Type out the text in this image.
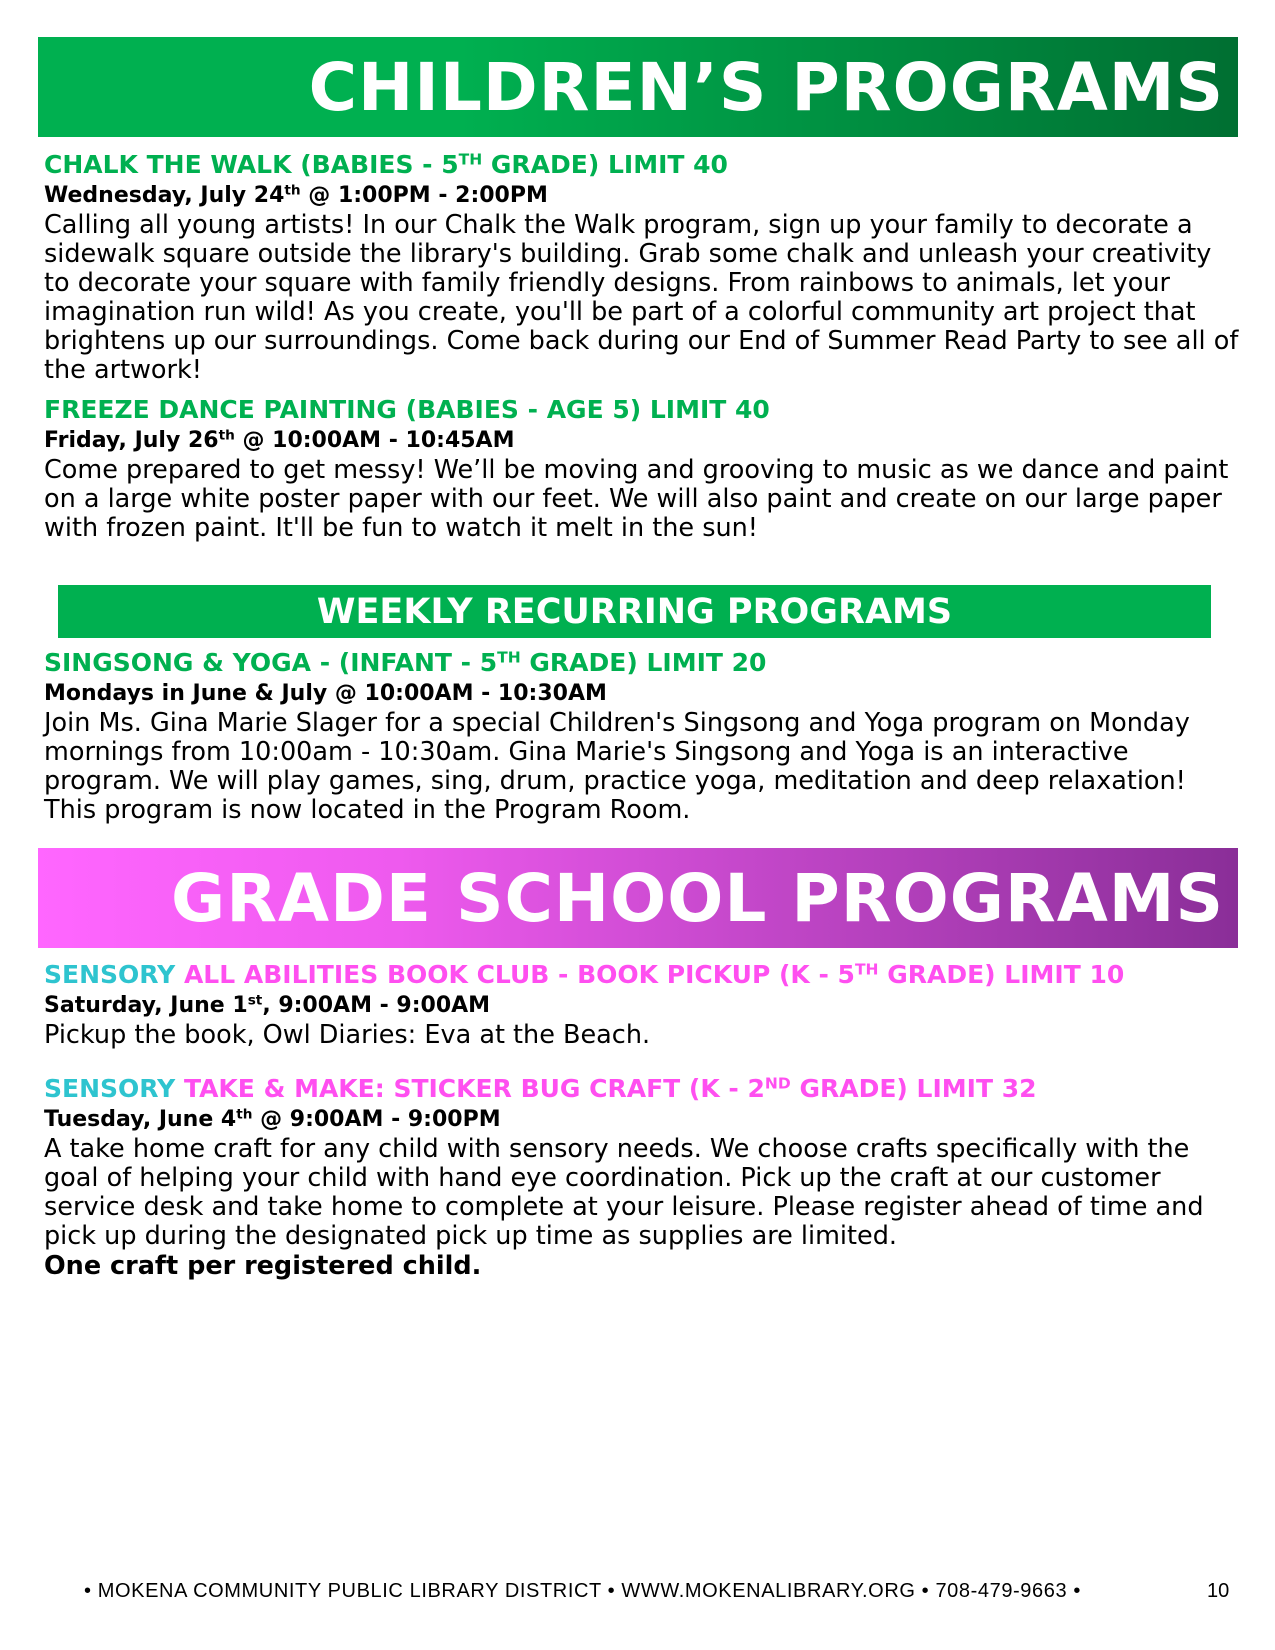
CHILDREN’S PROGRAMS
CHALK THE WALK (BABIES - 5TH GRADE) LIMIT 40
Wednesday, July 24th @ 1:00PM - 2:00PM
Calling all young artists! In our Chalk the Walk program, sign up your family to decorate a sidewalk square outside the library's building. Grab some chalk and unleash your creativity to decorate your square with family friendly designs. From rainbows to animals, let your imagination run wild! As you create, you'll be part of a colorful community art project that brightens up our surroundings. Come back during our End of Summer Read Party to see all of the artwork!
FREEZE DANCE PAINTING (BABIES - AGE 5) LIMIT 40
Friday, July 26th @ 10:00AM - 10:45AM
Come prepared to get messy! We’ll be moving and grooving to music as we dance and paint on a large white poster paper with our feet. We will also paint and create on our large paper with frozen paint. It'll be fun to watch it melt in the sun!
WEEKLY RECURRING PROGRAMS
SINGSONG & YOGA - (INFANT - 5TH GRADE) LIMIT 20
Mondays in June & July @ 10:00AM - 10:30AM
Join Ms. Gina Marie Slager for a special Children's Singsong and Yoga program on Monday mornings from 10:00am - 10:30am. Gina Marie's Singsong and Yoga is an interactive program. We will play games, sing, drum, practice yoga, meditation and deep relaxation! This program is now located in the Program Room.
GRADE SCHOOL PROGRAMS
SENSORY ALL ABILITIES BOOK CLUB - BOOK PICKUP (K - 5TH GRADE) LIMIT 10
Saturday, June 1st, 9:00AM - 9:00AM
Pickup the book, Owl Diaries: Eva at the Beach.
SENSORY TAKE & MAKE: STICKER BUG CRAFT (K - 2ND GRADE) LIMIT 32
Tuesday, June 4th @ 9:00AM - 9:00PM
A take home craft for any child with sensory needs. We choose crafts specifically with the goal of helping your child with hand eye coordination. Pick up the craft at our customer service desk and take home to complete at your leisure. Please register ahead of time and pick up during the designated pick up time as supplies are limited.
One craft per registered child.
• MOKENA COMMUNITY PUBLIC LIBRARY DISTRICT • WWW.MOKENALIBRARY.ORG • 708-479-9663 •	10
